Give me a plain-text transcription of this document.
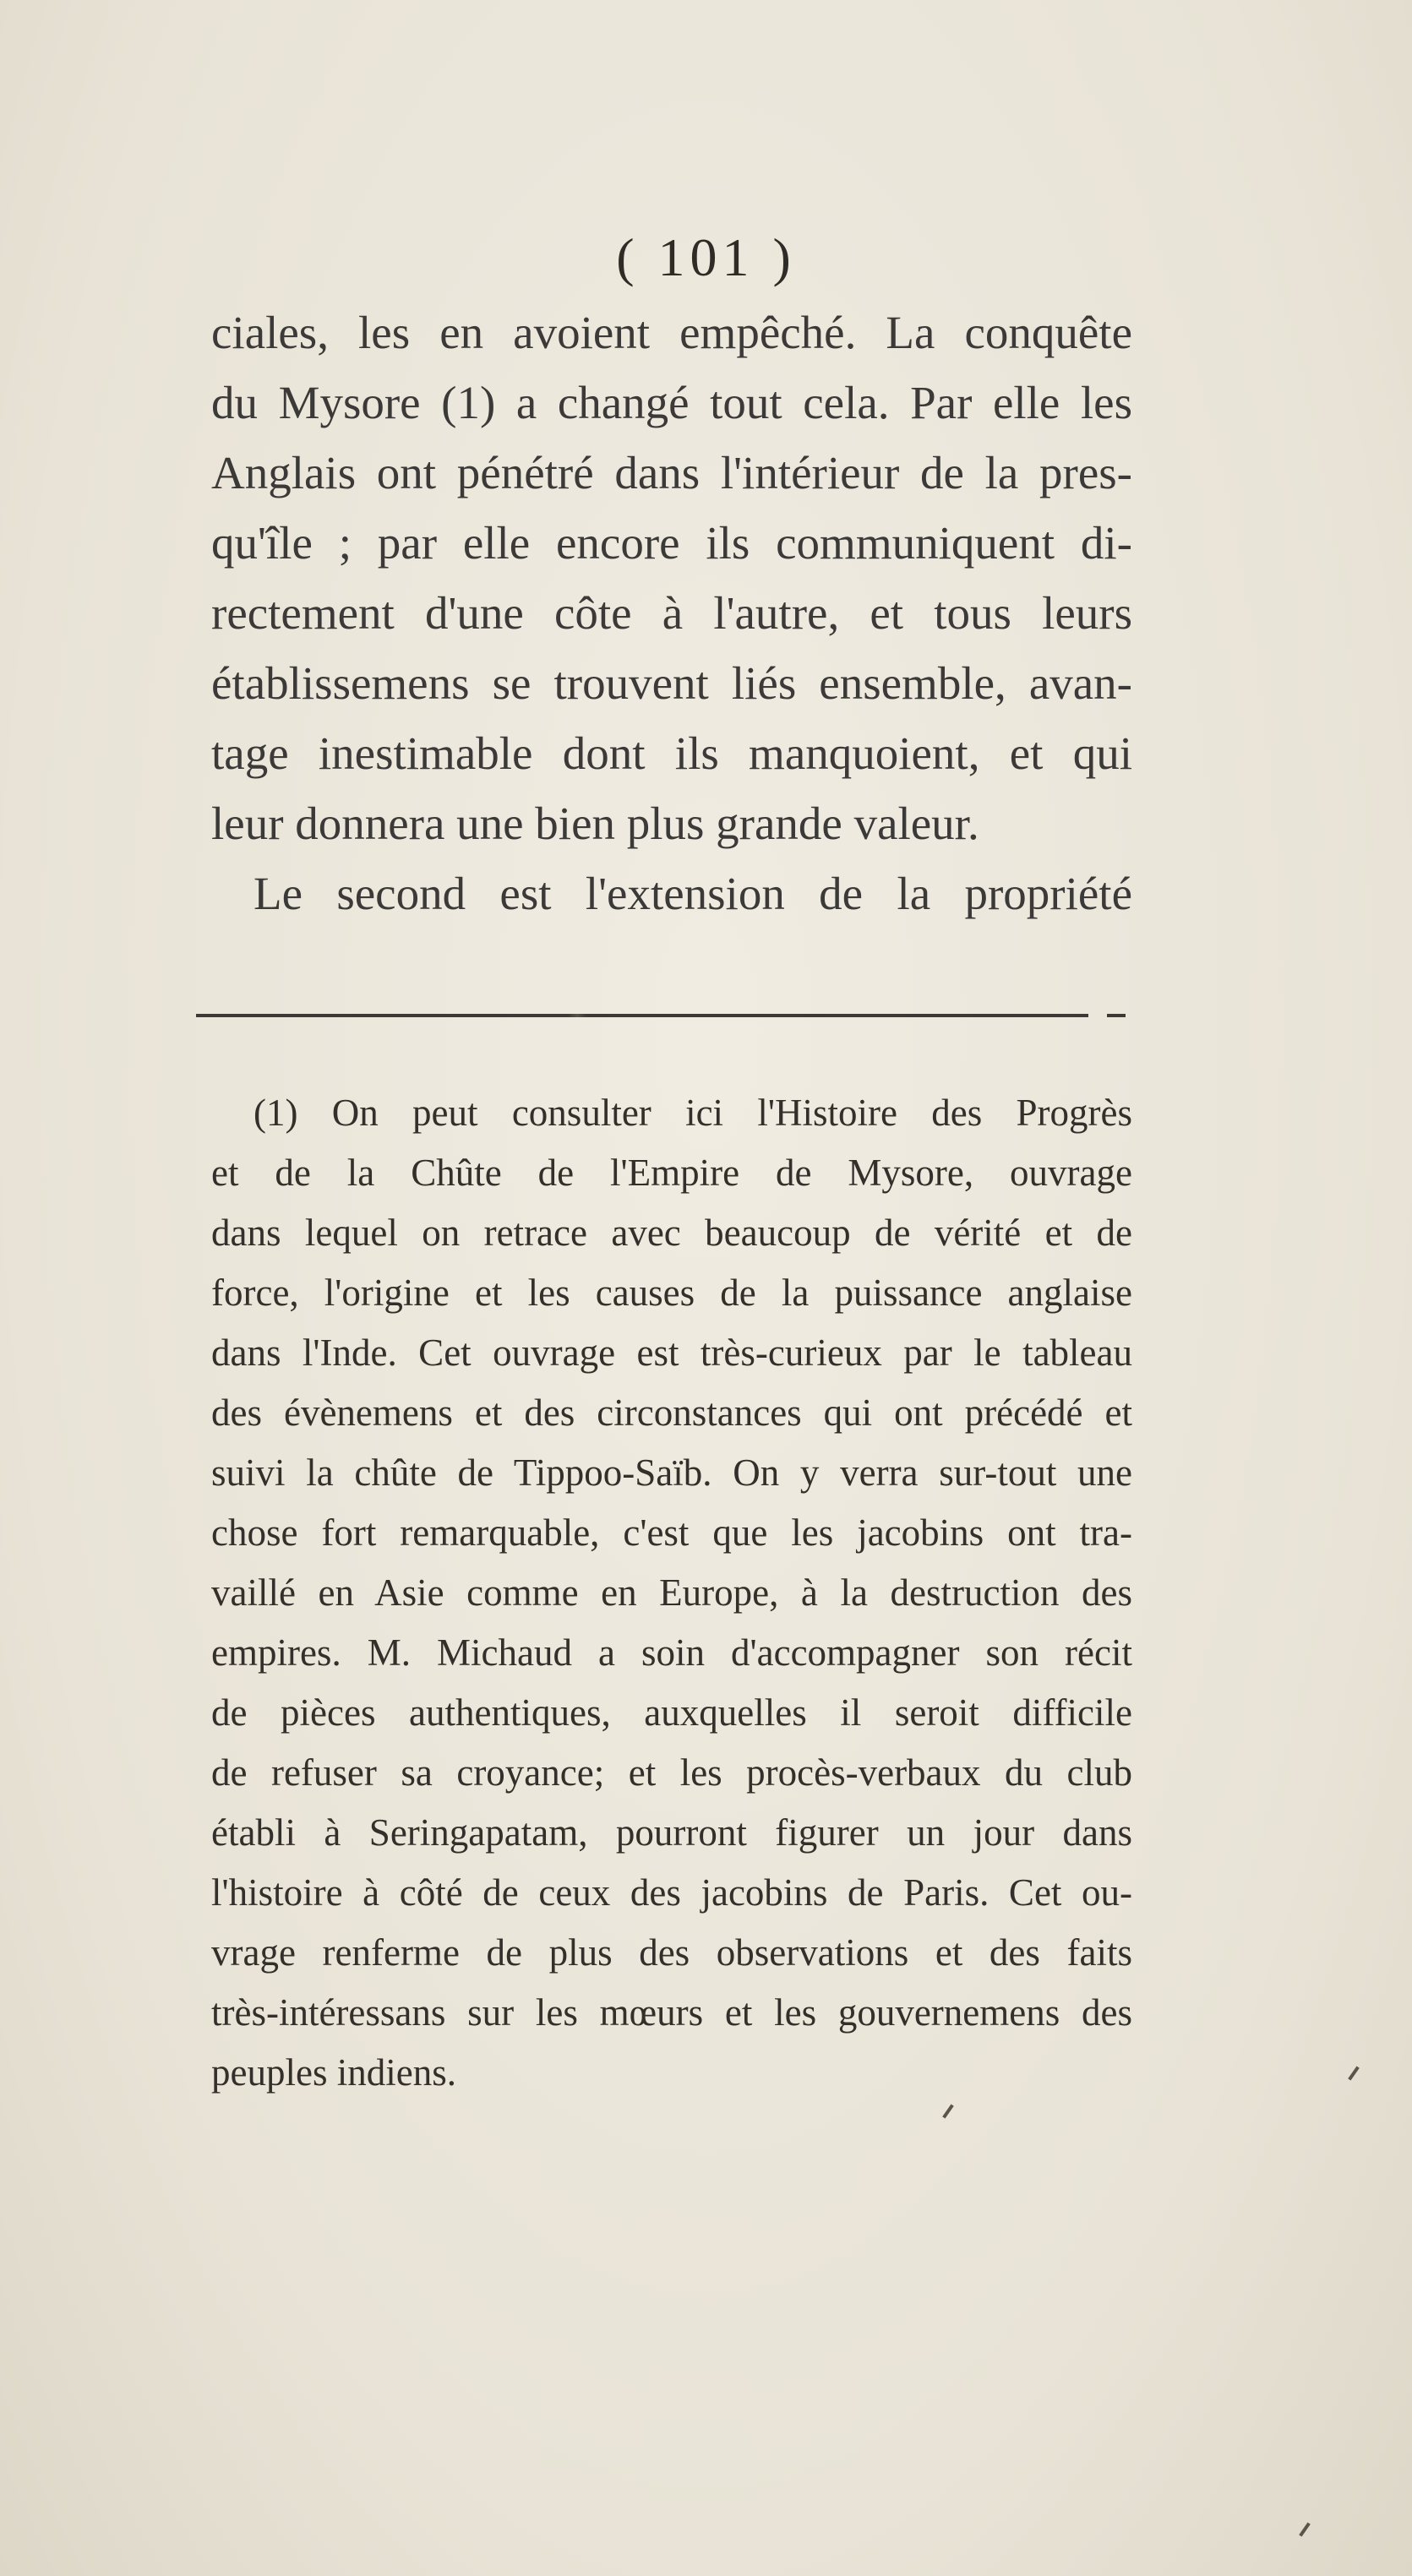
( 101 )
ciales, les en avoient empêché. La conquête
du Mysore (1) a changé tout cela. Par elle les
Anglais ont pénétré dans l'intérieur de la pres-
qu'île ; par elle encore ils communiquent di-
rectement d'une côte à l'autre, et tous leurs
établissemens se trouvent liés ensemble, avan-
tage inestimable dont ils manquoient, et qui
leur donnera une bien plus grande valeur.
Le second est l'extension de la propriété
(1) On peut consulter ici l'Histoire des Progrès
et de la Chûte de l'Empire de Mysore, ouvrage
dans lequel on retrace avec beaucoup de vérité et de
force, l'origine et les causes de la puissance anglaise
dans l'Inde. Cet ouvrage est très-curieux par le tableau
des évènemens et des circonstances qui ont précédé et
suivi la chûte de Tippoo-Saïb. On y verra sur-tout une
chose fort remarquable, c'est que les jacobins ont tra-
vaillé en Asie comme en Europe, à la destruction des
empires. M. Michaud a soin d'accompagner son récit
de pièces authentiques, auxquelles il seroit difficile
de refuser sa croyance; et les procès-verbaux du club
établi à Seringapatam, pourront figurer un jour dans
l'histoire à côté de ceux des jacobins de Paris. Cet ou-
vrage renferme de plus des observations et des faits
très-intéressans sur les mœurs et les gouvernemens des
peuples indiens.
